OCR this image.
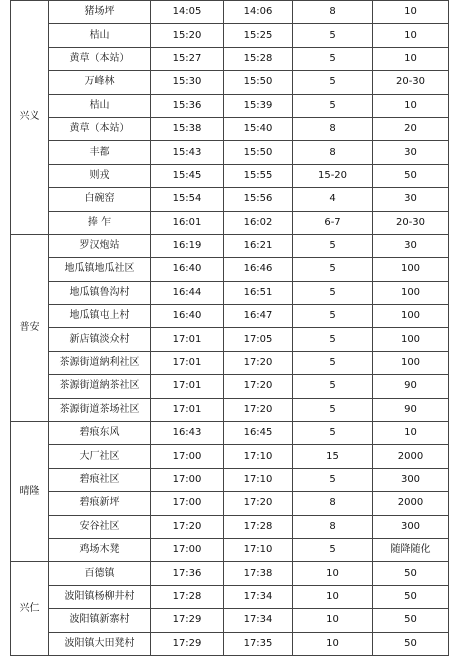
兴义	猪场坪	14:05	14:06	8	10
	桔山	15:20	15:25	5	10
	黄草（本站）	15:27	15:28	5	10
	万峰林	15:30	15:50	5	20-30
	桔山	15:36	15:39	5	10
	黄草（本站）	15:38	15:40	8	20
	丰都	15:43	15:50	8	30
	则戎	15:45	15:55	15-20	50
	白碗窑	15:54	15:56	4	30
	捧 乍	16:01	16:02	6-7	20-30
普安	罗汉炮站	16:19	16:21	5	30
	地瓜镇地瓜社区	16:40	16:46	5	100
	地瓜镇鲁沟村	16:44	16:51	5	100
	地瓜镇屯上村	16:40	16:47	5	100
	新店镇淡众村	17:01	17:05	5	100
	茶源街道納利社区	17:01	17:20	5	100
	茶源街道納茶社区	17:01	17:20	5	90
	茶源街道茶场社区	17:01	17:20	5	90
晴隆	碧痕东风	16:43	16:45	5	10
	大厂社区	17:00	17:10	15	2000
	碧痕社区	17:00	17:10	5	300
	碧痕新坪	17:00	17:20	8	2000
	安谷社区	17:20	17:28	8	300
	鸡场木凳	17:00	17:10	5	随降随化
兴仁	百德镇	17:36	17:38	10	50
	波阳镇杨柳井村	17:28	17:34	10	50
	波阳镇新寨村	17:29	17:34	10	50
	波阳镇大田凳村	17:29	17:35	10	50
